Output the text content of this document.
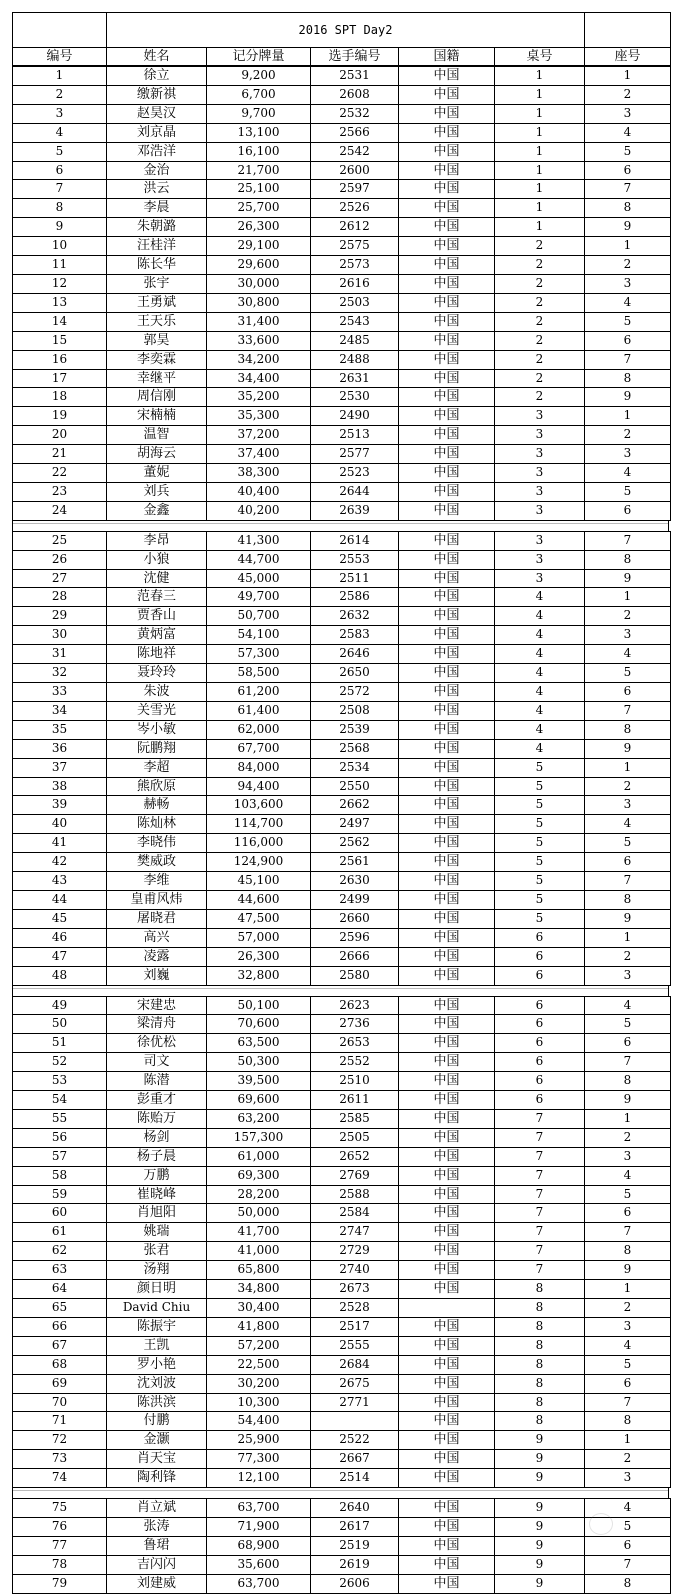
	2016 SPT Day2					
编号	姓名	记分牌量	选手编号	国籍	桌号	座号
1	徐立	9,200	2531	中国	1	1
2	缴新祺	6,700	2608	中国	1	2
3	赵昊汉	9,700	2532	中国	1	3
4	刘京晶	13,100	2566	中国	1	4
5	邓浩洋	16,100	2542	中国	1	5
6	金治	21,700	2600	中国	1	6
7	洪云	25,100	2597	中国	1	7
8	李晨	25,700	2526	中国	1	8
9	朱朝潞	26,300	2612	中国	1	9
10	汪桂洋	29,100	2575	中国	2	1
11	陈长华	29,600	2573	中国	2	2
12	张宇	30,000	2616	中国	2	3
13	王勇斌	30,800	2503	中国	2	4
14	王天乐	31,400	2543	中国	2	5
15	郭昊	33,600	2485	中国	2	6
16	李奕霖	34,200	2488	中国	2	7
17	幸继平	34,400	2631	中国	2	8
18	周信刚	35,200	2530	中国	2	9
19	宋楠楠	35,300	2490	中国	3	1
20	温智	37,200	2513	中国	3	2
21	胡海云	37,400	2577	中国	3	3
22	董妮	38,300	2523	中国	3	4
23	刘兵	40,400	2644	中国	3	5
24	金鑫	40,200	2639	中国	3	6
25	李昂	41,300	2614	中国	3	7
26	小狼	44,700	2553	中国	3	8
27	沈健	45,000	2511	中国	3	9
28	范春三	49,700	2586	中国	4	1
29	贾香山	50,700	2632	中国	4	2
30	黄炳富	54,100	2583	中国	4	3
31	陈地祥	57,300	2646	中国	4	4
32	聂玲玲	58,500	2650	中国	4	5
33	朱波	61,200	2572	中国	4	6
34	关雪光	61,400	2508	中国	4	7
35	岑小敏	62,000	2539	中国	4	8
36	阮鹏翔	67,700	2568	中国	4	9
37	李超	84,000	2534	中国	5	1
38	熊欣原	94,400	2550	中国	5	2
39	赫畅	103,600	2662	中国	5	3
40	陈灿林	114,700	2497	中国	5	4
41	李晓伟	116,000	2562	中国	5	5
42	樊威政	124,900	2561	中国	5	6
43	李维	45,100	2630	中国	5	7
44	皇甫风炜	44,600	2499	中国	5	8
45	屠晓君	47,500	2660	中国	5	9
46	高兴	57,000	2596	中国	6	1
47	凌露	26,300	2666	中国	6	2
48	刘巍	32,800	2580	中国	6	3
49	宋建忠	50,100	2623	中国	6	4
50	梁清舟	70,600	2736	中国	6	5
51	徐优松	63,500	2653	中国	6	6
52	司文	50,300	2552	中国	6	7
53	陈潜	39,500	2510	中国	6	8
54	彭重才	69,600	2611	中国	6	9
55	陈贻万	63,200	2585	中国	7	1
56	杨剑	157,300	2505	中国	7	2
57	杨子晨	61,000	2652	中国	7	3
58	万鹏	69,300	2769	中国	7	4
59	崔晓峰	28,200	2588	中国	7	5
60	肖旭阳	50,000	2584	中国	7	6
61	姚瑞	41,700	2747	中国	7	7
62	张君	41,000	2729	中国	7	8
63	汤翔	65,800	2740	中国	7	9
64	颜日明	34,800	2673	中国	8	1
65	David Chiu	30,400	2528		8	2
66	陈振宇	41,800	2517	中国	8	3
67	王凯	57,200	2555	中国	8	4
68	罗小艳	22,500	2684	中国	8	5
69	沈刘波	30,200	2675	中国	8	6
70	陈洪滨	10,300	2771	中国	8	7
71	付鹏	54,400		中国	8	8
72	金灏	25,900	2522	中国	9	1
73	肖天宝	77,300	2667	中国	9	2
74	陶利锋	12,100	2514	中国	9	3
75	肖立斌	63,700	2640	中国	9	4
76	张涛	71,900	2617	中国	9	5
77	鲁珺	68,900	2519	中国	9	6
78	吉闪闪	35,600	2619	中国	9	7
79	刘建威	63,700	2606	中国	9	8
